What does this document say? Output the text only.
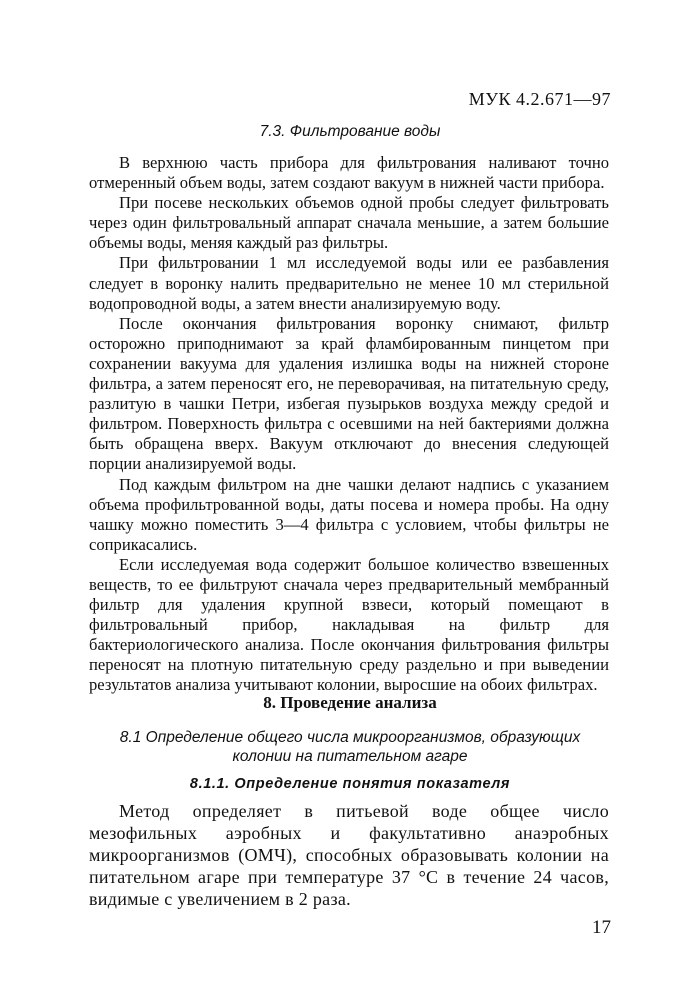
МУК 4.2.671—97
7.3. Фильтрование воды

В верхнюю часть прибора для фильтрования наливают точно отмеренный объем воды, затем создают вакуум в нижней части прибора.

При посеве нескольких объемов одной пробы следует фильтровать через один фильтровальный аппарат сначала меньшие, а затем большие объемы воды, меняя каждый раз фильтры.

При фильтровании 1 мл исследуемой воды или ее разбавления следует в воронку налить предварительно не менее 10 мл стерильной водопроводной воды, а затем внести анализируемую воду.

После окончания фильтрования воронку снимают, фильтр осторожно приподнимают за край фламбированным пинцетом при сохранении вакуума для удаления излишка воды на нижней стороне фильтра, а затем переносят его, не переворачивая, на питательную среду, разлитую в чашки Петри, избегая пузырьков воздуха между средой и фильтром. Поверхность фильтра с осевшими на ней бактериями должна быть обращена вверх. Вакуум отключают до внесения следующей порции анализируемой воды.

Под каждым фильтром на дне чашки делают надпись с указанием объема профильтрованной воды, даты посева и номера пробы. На одну чашку можно поместить 3—4 фильтра с условием, чтобы фильтры не соприкасались.

Если исследуемая вода содержит большое количество взвешенных веществ, то ее фильтруют сначала через предварительный мембранный фильтр для удаления крупной взвеси, который помещают в фильтровальный прибор, накладывая на фильтр для бактериологического анализа. После окончания фильтрования фильтры переносят на плотную питательную среду раздельно и при выведении результатов анализа учитывают колонии, выросшие на обоих фильтрах.

8. Проведение анализа
8.1 Определение общего числа микроорганизмов, образующих колонии на питательном агаре
8.1.1. Определение понятия показателя

Метод определяет в питьевой воде общее число мезофильных аэробных и факультативно анаэробных микроорганизмов (ОМЧ), способных образовывать колонии на питательном агаре при температуре 37 °С в течение 24 часов, видимые с увеличением в 2 раза.

17
